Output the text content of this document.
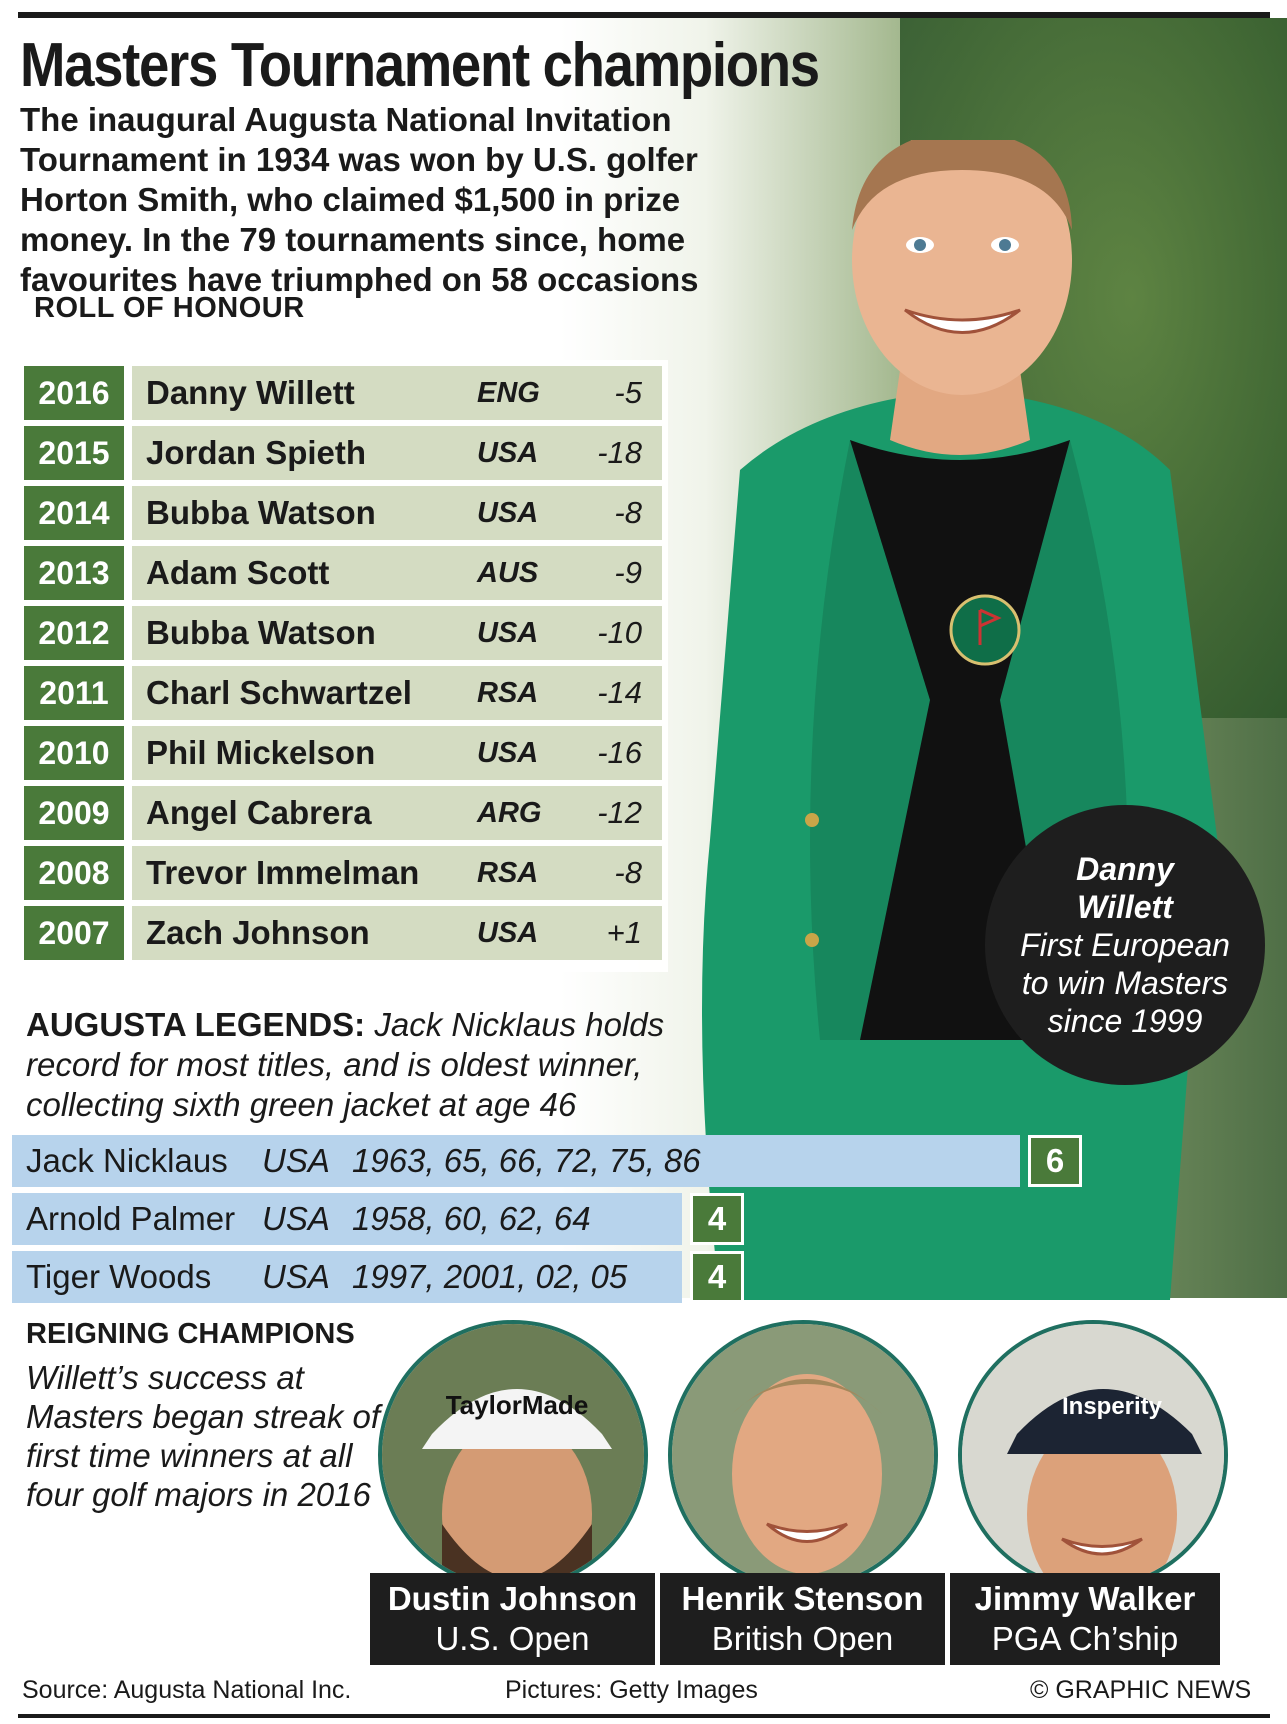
Masters Tournament champions
The inaugural Augusta National Invitation Tournament in 1934 was won by U.S. golfer Horton Smith, who claimed $1,500 in prize money. In the 79 tournaments since, home favourites have triumphed on 58 occasions
ROLL OF HONOUR
2016	Danny Willett	ENG	-5
2015	Jordan Spieth	USA	-18
2014	Bubba Watson	USA	-8
2013	Adam Scott	AUS	-9
2012	Bubba Watson	USA	-10
2011	Charl Schwartzel	RSA	-14
2010	Phil Mickelson	USA	-16
2009	Angel Cabrera	ARG	-12
2008	Trevor Immelman	RSA	-8
2007	Zach Johnson	USA	+1
Danny Willett
First European to win Masters since 1999
AUGUSTA LEGENDS: Jack Nicklaus holds record for most titles, and is oldest winner, collecting sixth green jacket at age 46
Jack Nicklaus	USA 1963, 65, 66, 72, 75, 86	6
Arnold Palmer USA 1958, 60, 62, 64	4
Tiger Woods	USA 1997, 2001, 02, 05	4
REIGNING CHAMPIONS
Willett’s success at Masters began streak of first time winners at all four golf majors in 2016
TaylorMade	Insperity
Dustin Johnson
U.S. Open
Henrik Stenson
British Open
Jimmy Walker
PGA Ch’ship
Source: Augusta National Inc.	Pictures: Getty Images	© GRAPHIC NEWS
